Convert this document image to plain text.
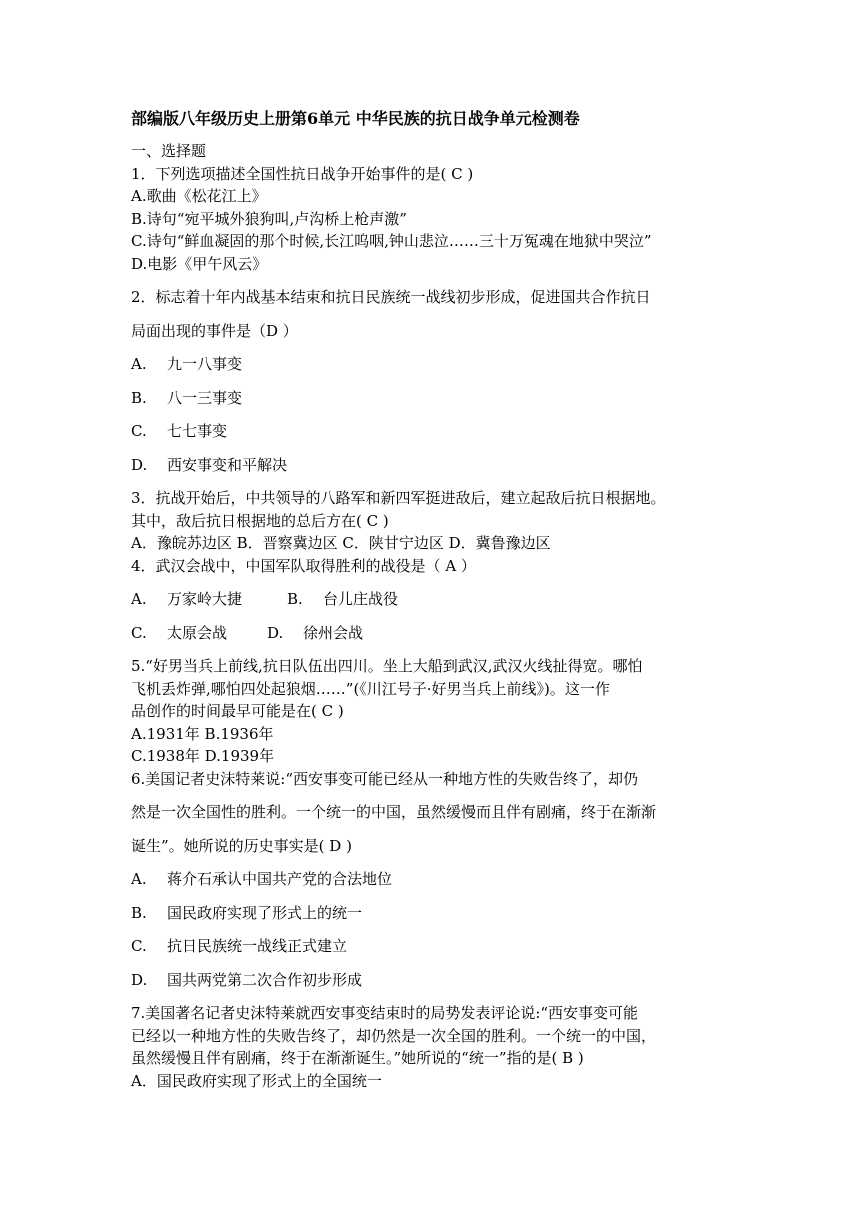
部编版八年级历史上册第6单元 中华民族的抗日战争单元检测卷
一、选择题
1．下列选项描述全国性抗日战争开始事件的是( C )
A.歌曲《松花江上》
B.诗句“宛平城外狼狗叫,卢沟桥上枪声激”
C.诗句“鲜血凝固的那个时候,长江呜咽,钟山悲泣……三十万冤魂在地狱中哭泣”
D.电影《甲午风云》
2．标志着十年内战基本结束和抗日民族统一战线初步形成，促进国共合作抗日
局面出现的事件是（D ）
A. 九一八事变
B. 八一三事变
C. 七七事变
D. 西安事变和平解决
3．抗战开始后，中共领导的八路军和新四军挺进敌后，建立起敌后抗日根据地。
其中，敌后抗日根据地的总后方在( C )
A．豫皖苏边区 B．晋察冀边区 C．陕甘宁边区 D．冀鲁豫边区
4．武汉会战中，中国军队取得胜利的战役是（ A ）
A. 万家岭大捷	B. 台儿庄战役
C. 太原会战	D. 徐州会战
5.“好男当兵上前线,抗日队伍出四川。坐上大船到武汉,武汉火线扯得宽。哪怕
飞机丢炸弹,哪怕四处起狼烟……”(《川江号子·好男当兵上前线》)。这一作
品创作的时间最早可能是在( C )
A.1931年 B.1936年
C.1938年 D.1939年
6.美国记者史沫特莱说:“西安事变可能已经从一种地方性的失败告终了，却仍
然是一次全国性的胜利。一个统一的中国，虽然缓慢而且伴有剧痛，终于在渐渐
诞生”。她所说的历史事实是( D )
A. 蒋介石承认中国共产党的合法地位
B. 国民政府实现了形式上的统一
C. 抗日民族统一战线正式建立
D. 国共两党第二次合作初步形成
7.美国著名记者史沫特莱就西安事变结束时的局势发表评论说:“西安事变可能
已经以一种地方性的失败告终了，却仍然是一次全国的胜利。一个统一的中国，
虽然缓慢且伴有剧痛，终于在渐渐诞生。”她所说的“统一”指的是( B )
A．国民政府实现了形式上的全国统一
